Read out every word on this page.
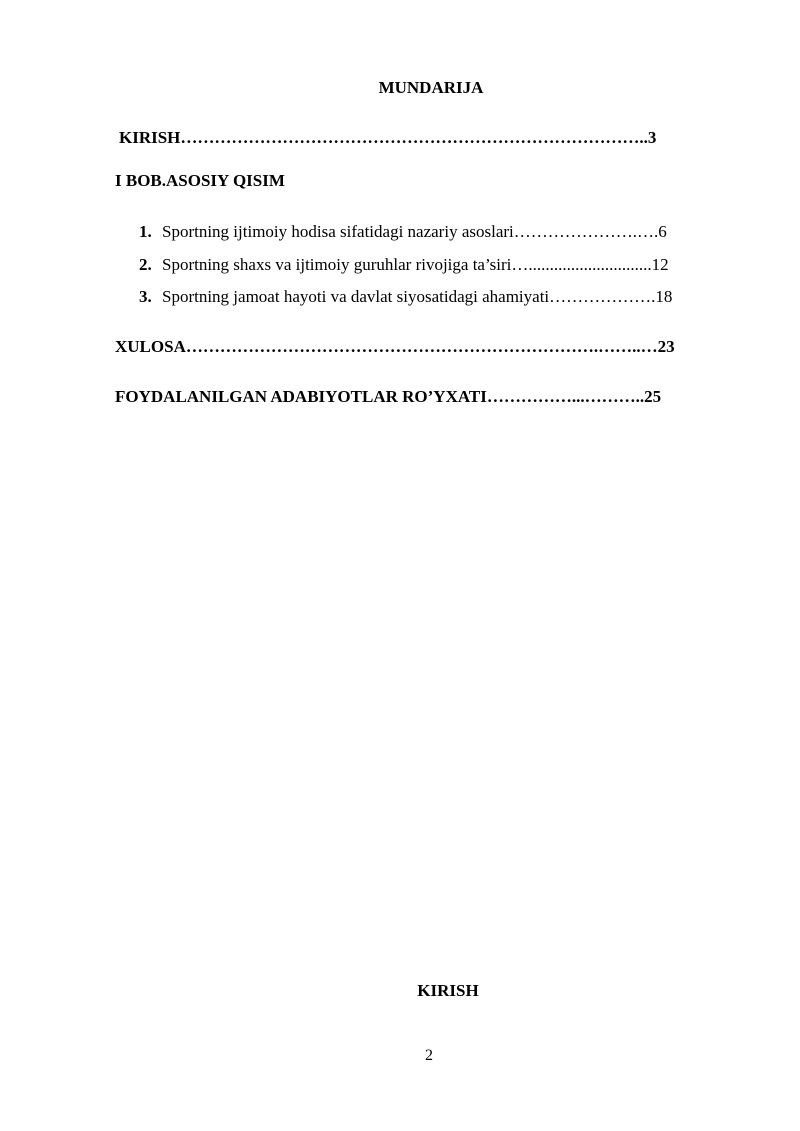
MUNDARIJA
KIRISH………………………………………………………………………..3
I BOB.ASOSIY QISIM
1. Sportning ijtimoiy hodisa sifatidagi nazariy asoslari………………….….6
2. Sportning shaxs va ijtimoiy guruhlar rivojiga ta’siri….............................12
3. Sportning jamoat hayoti va davlat siyosatidagi ahamiyati……………….18
XULOSA……………………………………………………………….……..…23
FOYDALANILGAN ADABIYOTLAR RO’YXATI……………...………..25
KIRISH
2
